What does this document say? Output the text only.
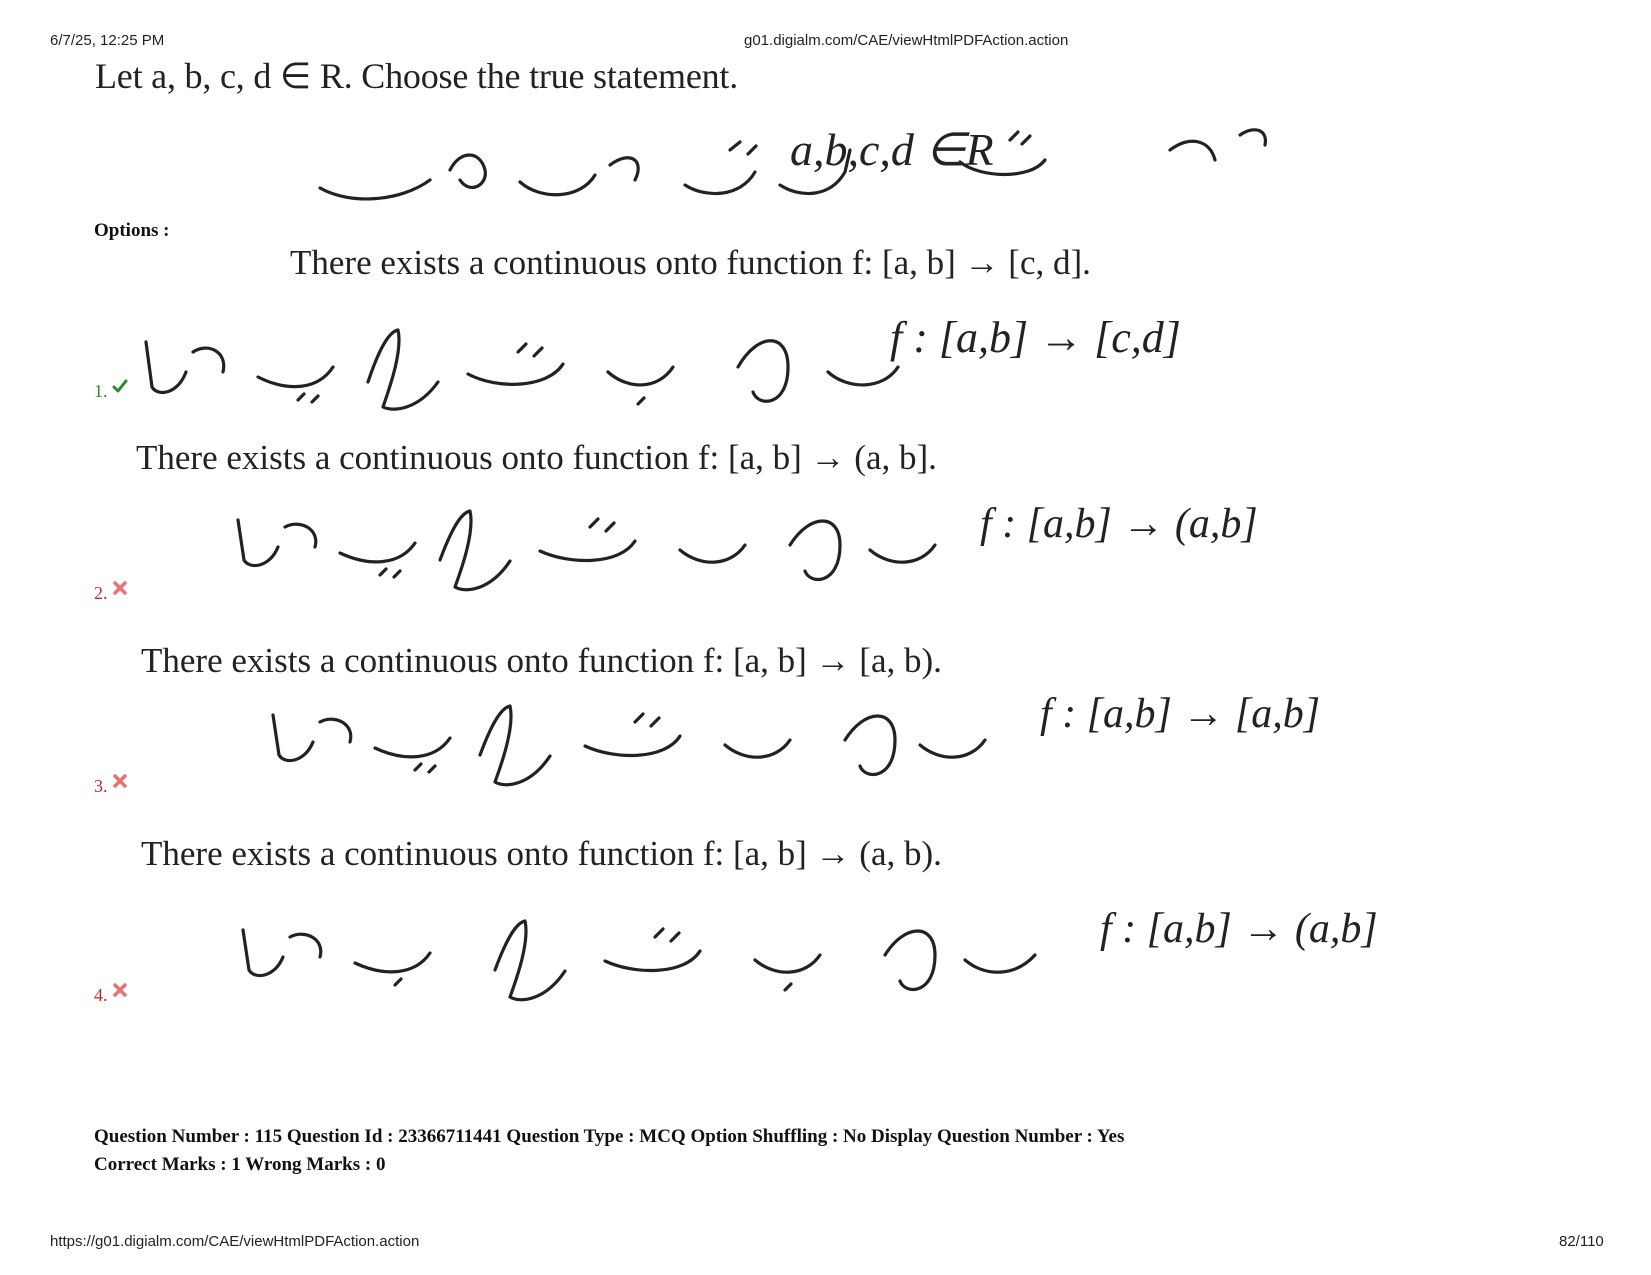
6/7/25, 12:25 PM	g01.digialm.com/CAE/viewHtmlPDFAction.action
Let a, b, c, d ∈ R. Choose the true statement.
a,b,c,d ∈R
Options :
There exists a continuous onto function f: [a, b] → [c, d].
f : [a,b] → [c,d]
1.
There exists a continuous onto function f: [a, b] → (a, b].
f : [a,b] → (a,b]
2.
There exists a continuous onto function f: [a, b] → [a, b).
f : [a,b] → [a,b]
3.
There exists a continuous onto function f: [a, b] → (a, b).
f : [a,b] → (a,b]
4.
Question Number : 115 Question Id : 23366711441 Question Type : MCQ Option Shuffling : No Display Question Number : Yes
Correct Marks : 1 Wrong Marks : 0
https://g01.digialm.com/CAE/viewHtmlPDFAction.action	82/110
